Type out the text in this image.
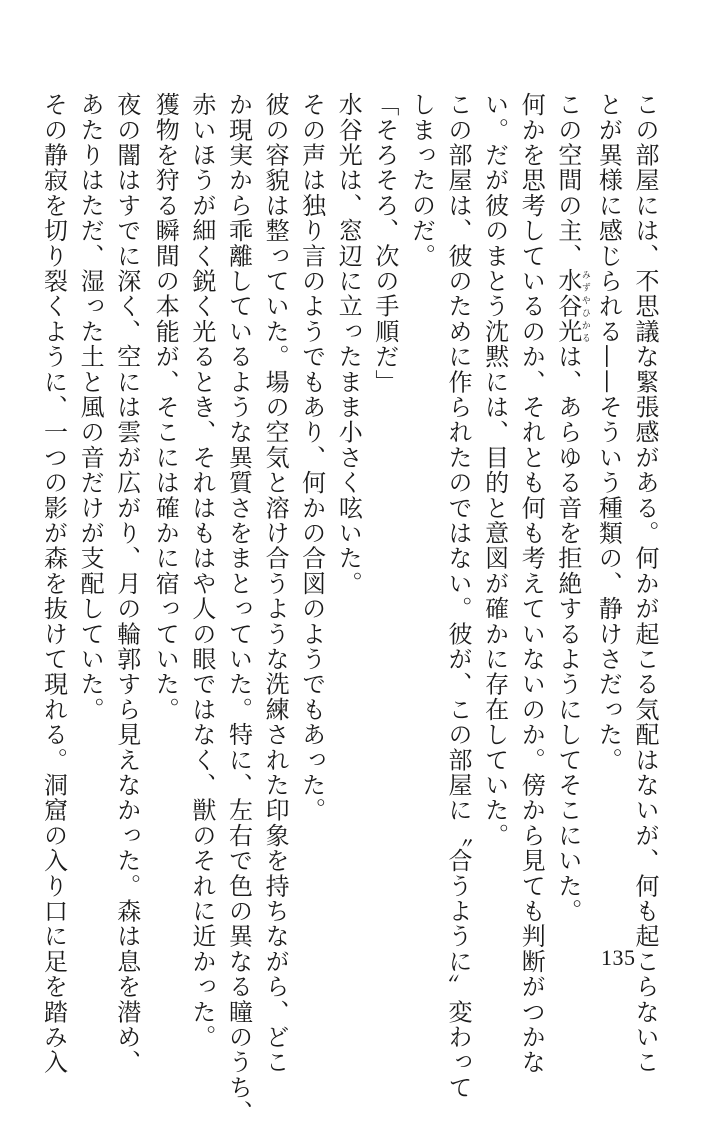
この部屋には、不思議な緊張感がある。何かが起こる気配はないが、何も起こらないこ
とが異様に感じられる——そういう種類の、静けさだった。
この空間の主、水谷光みずやひかるは、あらゆる音を拒絶するようにしてそこにいた。
何かを思考しているのか、それとも何も考えていないのか。傍から見ても判断がつかな
い。だが彼のまとう沈黙には、目的と意図が確かに存在していた。
この部屋は、彼のために作られたのではない。彼が、この部屋に〝合うように〟変わって
しまったのだ。
「そろそろ、次の手順だ」
水谷光は、窓辺に立ったまま小さく呟いた。
その声は独り言のようでもあり、何かの合図のようでもあった。
彼の容貌は整っていた。場の空気と溶け合うような洗練された印象を持ちながら、どこ
か現実から乖離しているような異質さをまとっていた。特に、左右で色の異なる瞳のうち、
赤いほうが細く鋭く光るとき、それはもはや人の眼ではなく、獣のそれに近かった。
獲物を狩る瞬間の本能が、そこには確かに宿っていた。
夜の闇はすでに深く、空には雲が広がり、月の輪郭すら見えなかった。森は息を潜め、
あたりはただ、湿った土と風の音だけが支配していた。
その静寂を切り裂くように、一つの影が森を抜けて現れる。洞窟の入り口に足を踏み入	135
